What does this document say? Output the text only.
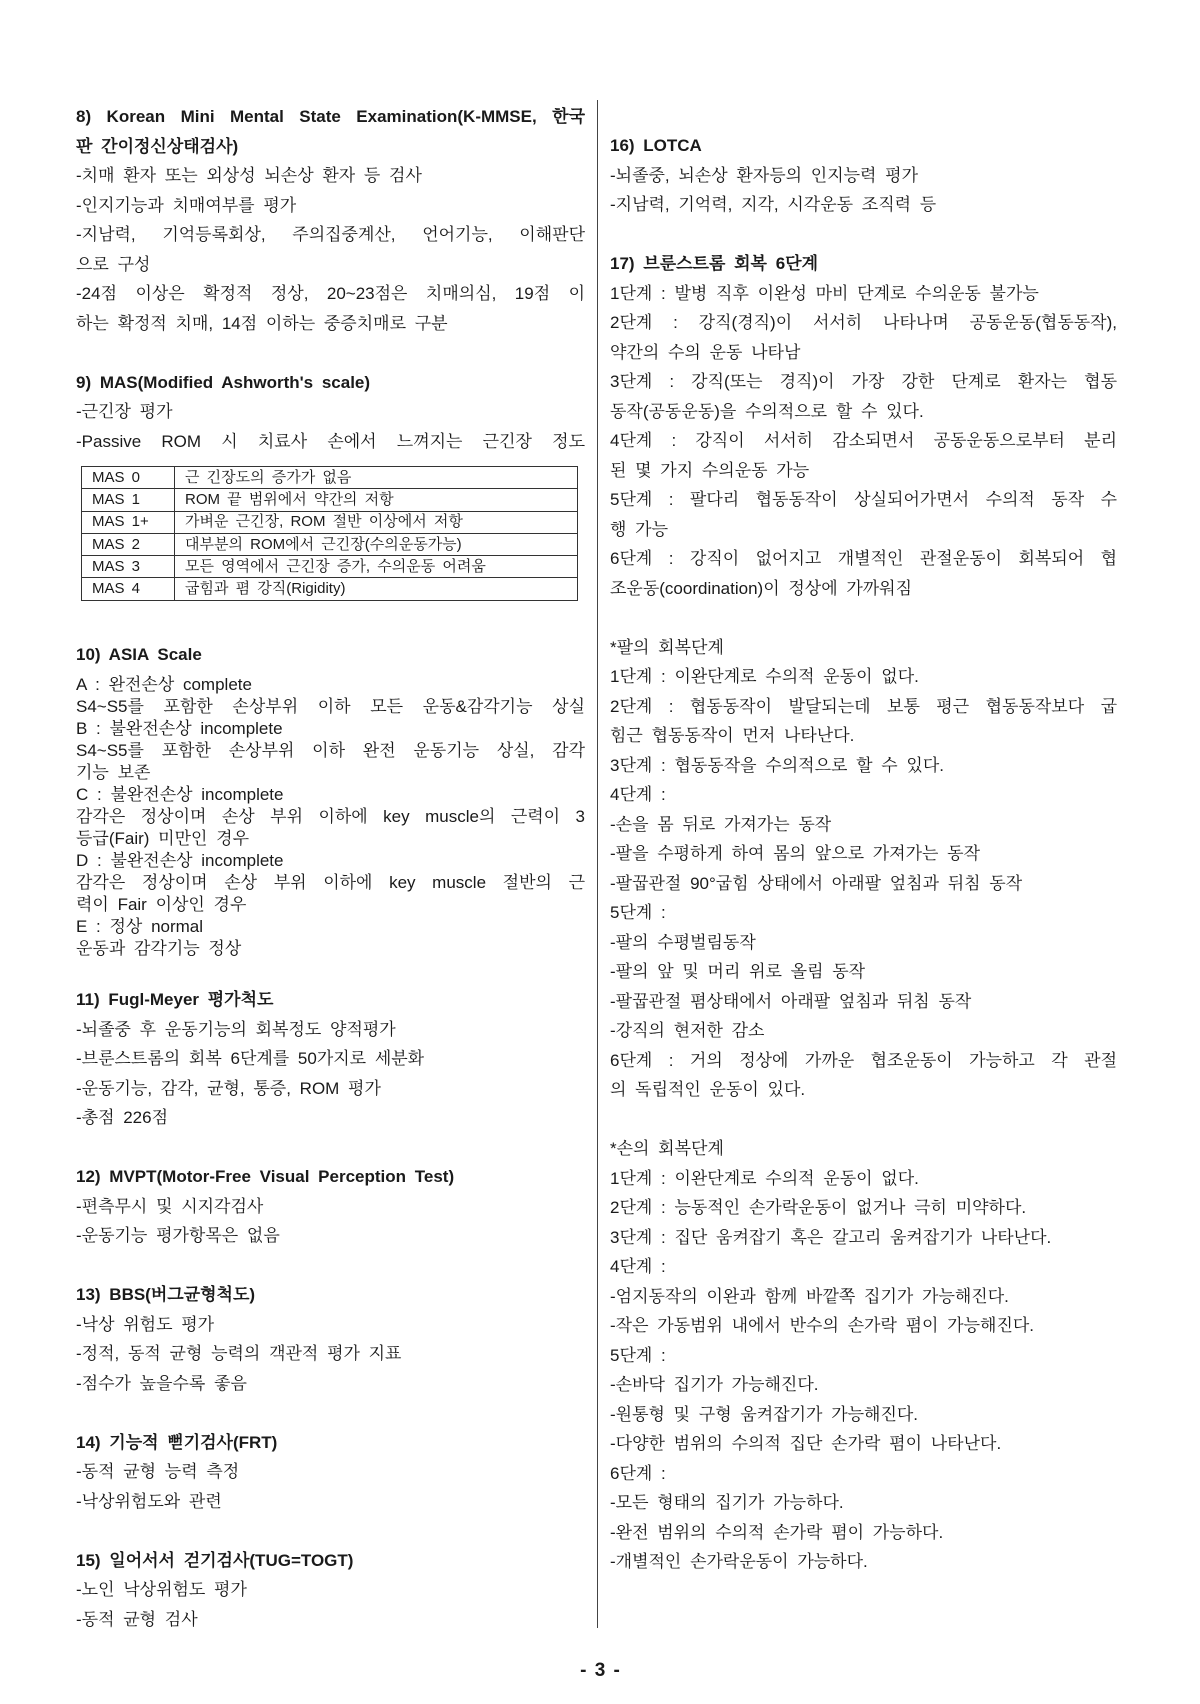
8) Korean Mini Mental State Examination(K-MMSE, 한국
판 간이정신상태검사)
-치매 환자 또는 외상성 뇌손상 환자 등 검사
-인지기능과 치매여부를 평가
-지남력, 기억등록회상, 주의집중계산, 언어기능, 이해판단
으로 구성
-24점 이상은 확정적 정상, 20~23점은 치매의심, 19점 이
하는 확정적 치매, 14점 이하는 중증치매로 구분
9) MAS(Modified Ashworth's scale)
-근긴장 평가
-Passive ROM 시 치료사 손에서 느껴지는 근긴장 정도
MAS 0	근 긴장도의 증가가 없음
MAS 1	ROM 끝 범위에서 약간의 저항
MAS 1+	가벼운 근긴장, ROM 절반 이상에서 저항
MAS 2	대부분의 ROM에서 근긴장(수의운동가능)
MAS 3	모든 영역에서 근긴장 증가, 수의운동 어려움
MAS 4	굽힘과 폄 강직(Rigidity)
10) ASIA Scale
A : 완전손상 complete
S4~S5를 포함한 손상부위 이하 모든 운동&감각기능 상실
B : 불완전손상 incomplete
S4~S5를 포함한 손상부위 이하 완전 운동기능 상실, 감각
기능 보존
C : 불완전손상 incomplete
감각은 정상이며 손상 부위 이하에 key muscle의 근력이 3
등급(Fair) 미만인 경우
D : 불완전손상 incomplete
감각은 정상이며 손상 부위 이하에 key muscle 절반의 근
력이 Fair 이상인 경우
E : 정상 normal
운동과 감각기능 정상
11) Fugl-Meyer 평가척도
-뇌졸중 후 운동기능의 회복정도 양적평가
-브룬스트롬의 회복 6단계를 50가지로 세분화
-운동기능, 감각, 균형, 통증, ROM 평가
-총점 226점
12) MVPT(Motor-Free Visual Perception Test)
-편측무시 및 시지각검사
-운동기능 평가항목은 없음
13) BBS(버그균형척도)
-낙상 위험도 평가
-정적, 동적 균형 능력의 객관적 평가 지표
-점수가 높을수록 좋음
14) 기능적 뻗기검사(FRT)
-동적 균형 능력 측정
-낙상위험도와 관련
15) 일어서서 걷기검사(TUG=TOGT)
-노인 낙상위험도 평가
-동적 균형 검사
16) LOTCA
-뇌졸중, 뇌손상 환자등의 인지능력 평가
-지남력, 기억력, 지각, 시각운동 조직력 등
17) 브룬스트롬 회복 6단계
1단계 : 발병 직후 이완성 마비 단계로 수의운동 불가능
2단계 : 강직(경직)이 서서히 나타나며 공동운동(협동동작),
약간의 수의 운동 나타남
3단계 : 강직(또는 경직)이 가장 강한 단계로 환자는 협동
동작(공동운동)을 수의적으로 할 수 있다.
4단계 : 강직이 서서히 감소되면서 공동운동으로부터 분리
된 몇 가지 수의운동 가능
5단계 : 팔다리 협동동작이 상실되어가면서 수의적 동작 수
행 가능
6단계 : 강직이 없어지고 개별적인 관절운동이 회복되어 협
조운동(coordination)이 정상에 가까워짐
*팔의 회복단계
1단계 : 이완단계로 수의적 운동이 없다.
2단계 : 협동동작이 발달되는데 보통 평근 협동동작보다 굽
힘근 협동동작이 먼저 나타난다.
3단계 : 협동동작을 수의적으로 할 수 있다.
4단계 :
-손을 몸 뒤로 가져가는 동작
-팔을 수평하게 하여 몸의 앞으로 가져가는 동작
-팔꿉관절 90°굽힘 상태에서 아래팔 엎침과 뒤침 동작
5단계 :
-팔의 수평벌림동작
-팔의 앞 및 머리 위로 올림 동작
-팔꿉관절 폄상태에서 아래팔 엎침과 뒤침 동작
-강직의 현저한 감소
6단계 : 거의 정상에 가까운 협조운동이 가능하고 각 관절
의 독립적인 운동이 있다.
*손의 회복단계
1단계 : 이완단계로 수의적 운동이 없다.
2단계 : 능동적인 손가락운동이 없거나 극히 미약하다.
3단계 : 집단 움켜잡기 혹은 갈고리 움켜잡기가 나타난다.
4단계 :
-엄지동작의 이완과 함께 바깥쪽 집기가 가능해진다.
-작은 가동범위 내에서 반수의 손가락 폄이 가능해진다.
5단계 :
-손바닥 집기가 가능해진다.
-원통형 및 구형 움켜잡기가 가능해진다.
-다양한 범위의 수의적 집단 손가락 폄이 나타난다.
6단계 :
-모든 형태의 집기가 가능하다.
-완전 범위의 수의적 손가락 폄이 가능하다.
-개별적인 손가락운동이 가능하다.
- 3 -
